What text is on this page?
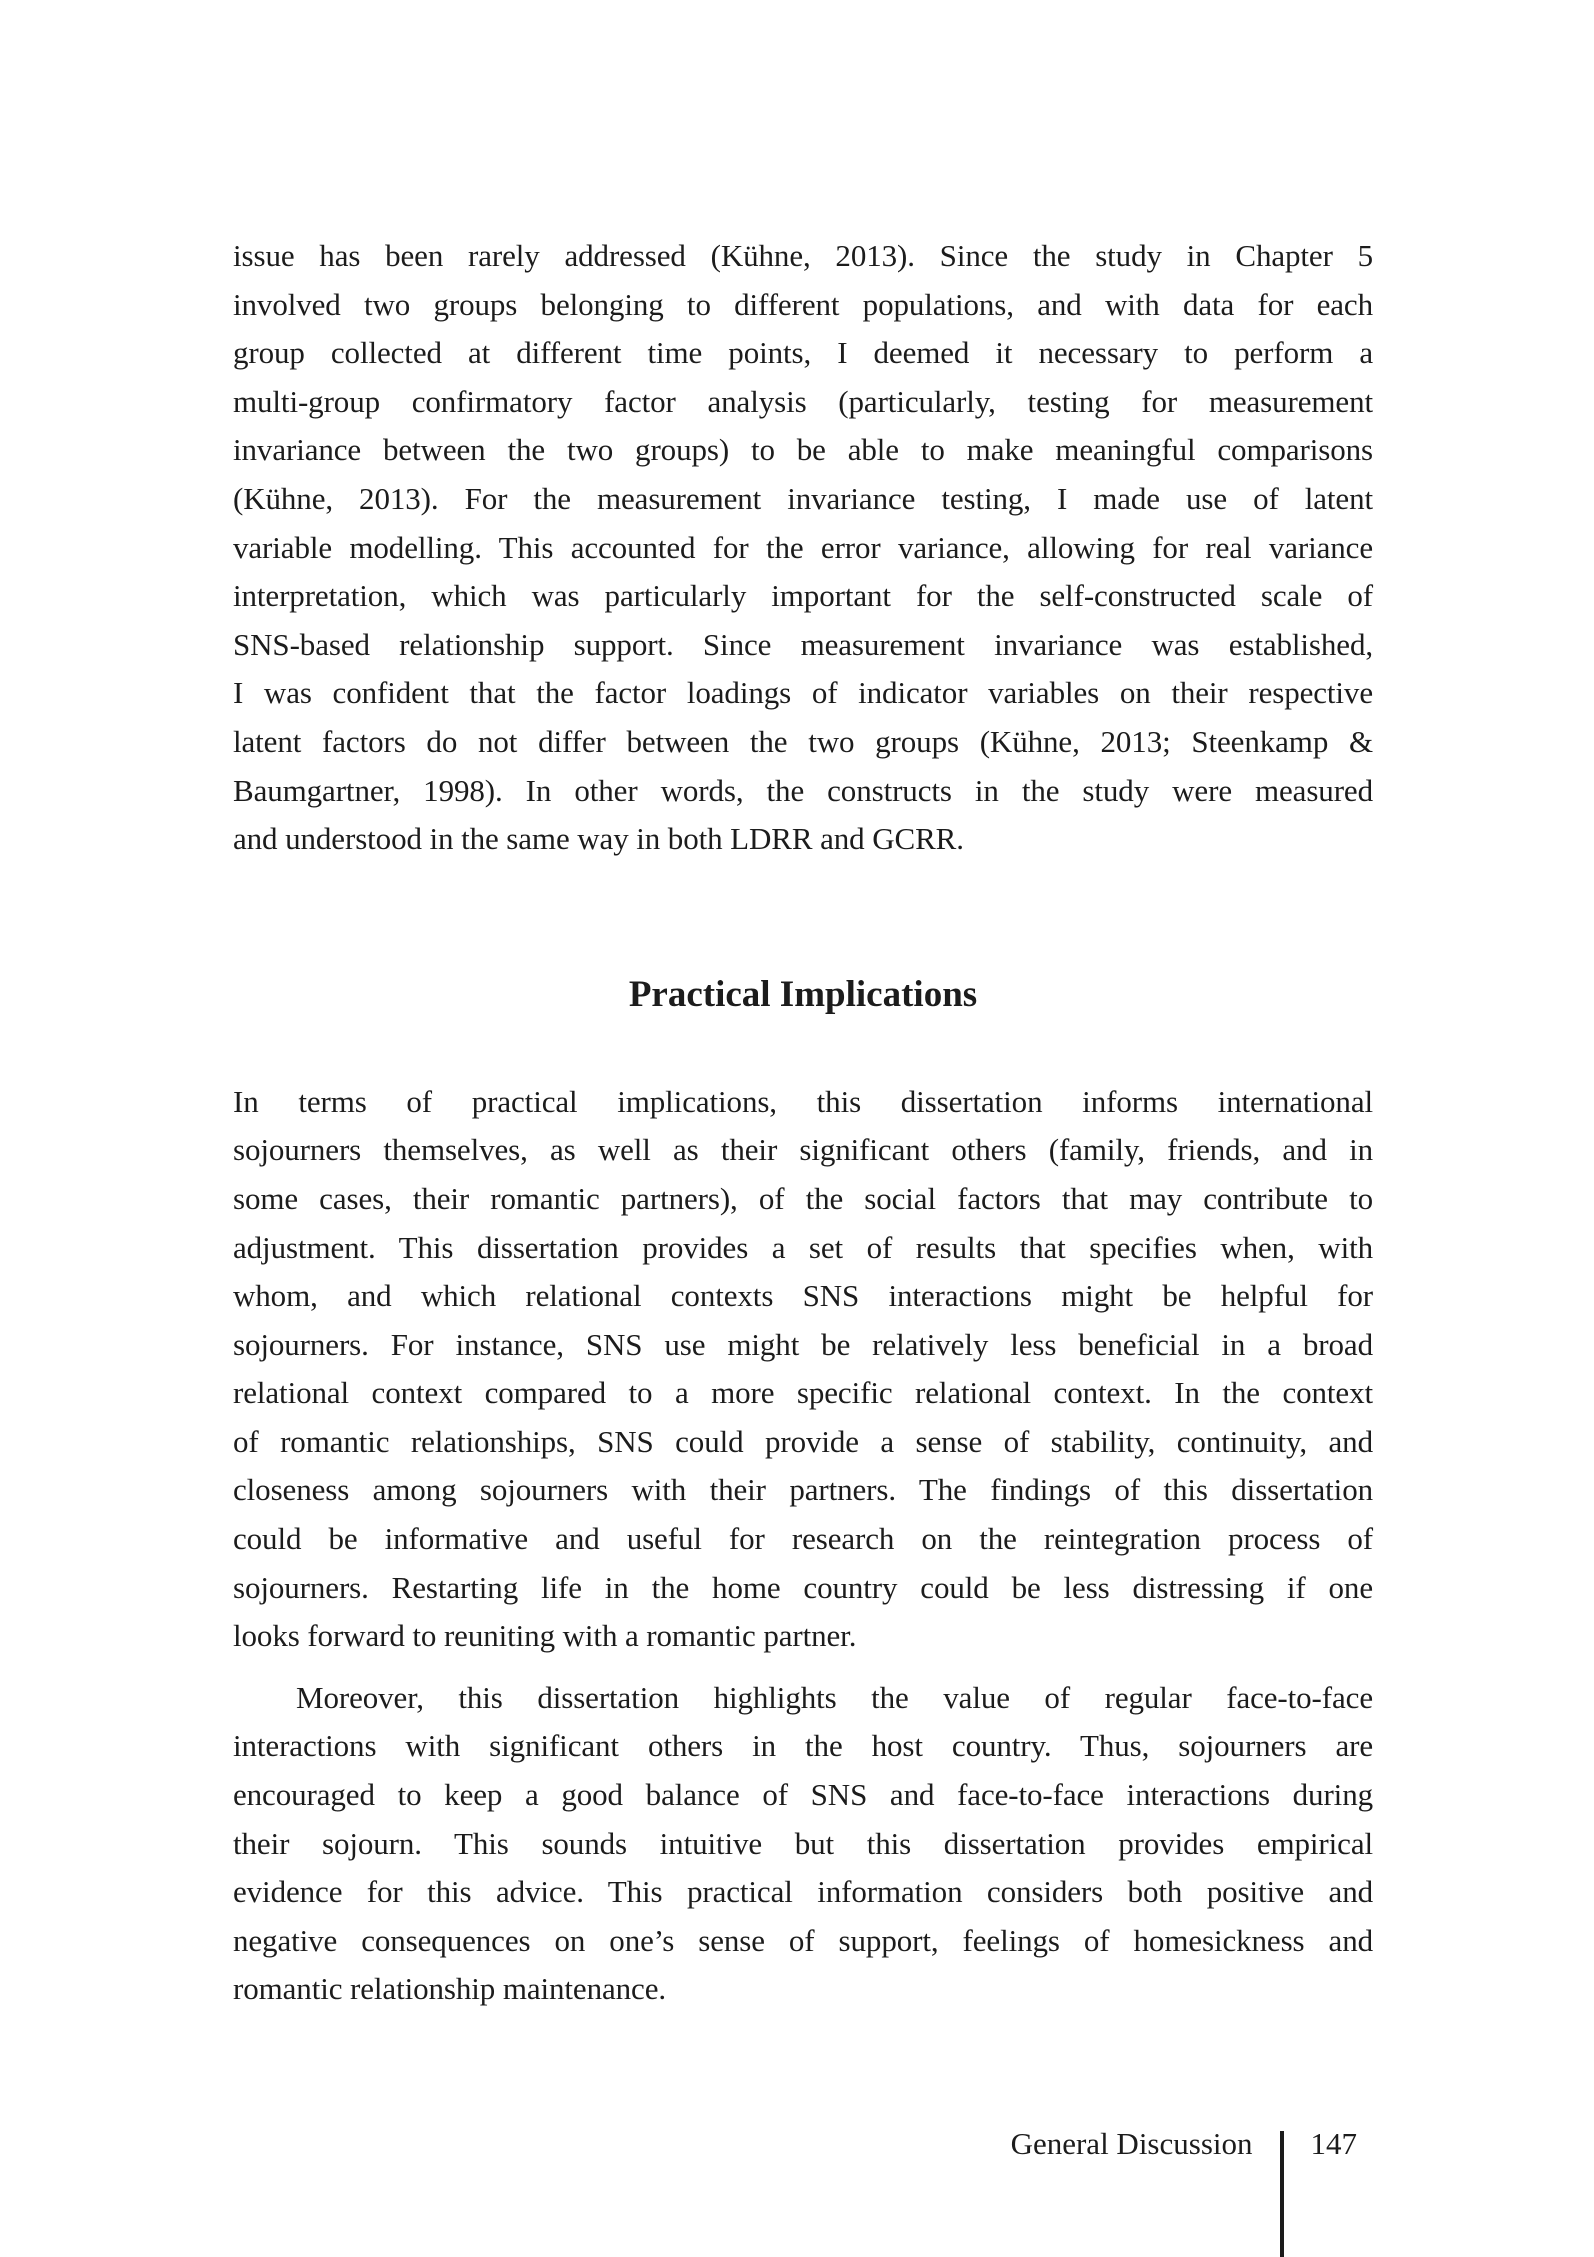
issue has been rarely addressed (Kühne, 2013). Since the study in Chapter 5
involved two groups belonging to different populations, and with data for each
group collected at different time points, I deemed it necessary to perform a
multi-group confirmatory factor analysis (particularly, testing for measurement
invariance between the two groups) to be able to make meaningful comparisons
(Kühne, 2013). For the measurement invariance testing, I made use of latent
variable modelling. This accounted for the error variance, allowing for real variance
interpretation, which was particularly important for the self-constructed scale of
SNS-based relationship support. Since measurement invariance was established,
I was confident that the factor loadings of indicator variables on their respective
latent factors do not differ between the two groups (Kühne, 2013; Steenkamp &
Baumgartner, 1998). In other words, the constructs in the study were measured
and understood in the same way in both LDRR and GCRR.
Practical Implications
In terms of practical implications, this dissertation informs international
sojourners themselves, as well as their significant others (family, friends, and in
some cases, their romantic partners), of the social factors that may contribute to
adjustment. This dissertation provides a set of results that specifies when, with
whom, and which relational contexts SNS interactions might be helpful for
sojourners. For instance, SNS use might be relatively less beneficial in a broad
relational context compared to a more specific relational context. In the context
of romantic relationships, SNS could provide a sense of stability, continuity, and
closeness among sojourners with their partners. The findings of this dissertation
could be informative and useful for research on the reintegration process of
sojourners. Restarting life in the home country could be less distressing if one
looks forward to reuniting with a romantic partner.
Moreover, this dissertation highlights the value of regular face-to-face
interactions with significant others in the host country. Thus, sojourners are
encouraged to keep a good balance of SNS and face-to-face interactions during
their sojourn. This sounds intuitive but this dissertation provides empirical
evidence for this advice. This practical information considers both positive and
negative consequences on one’s sense of support, feelings of homesickness and
romantic relationship maintenance.
General Discussion 147
